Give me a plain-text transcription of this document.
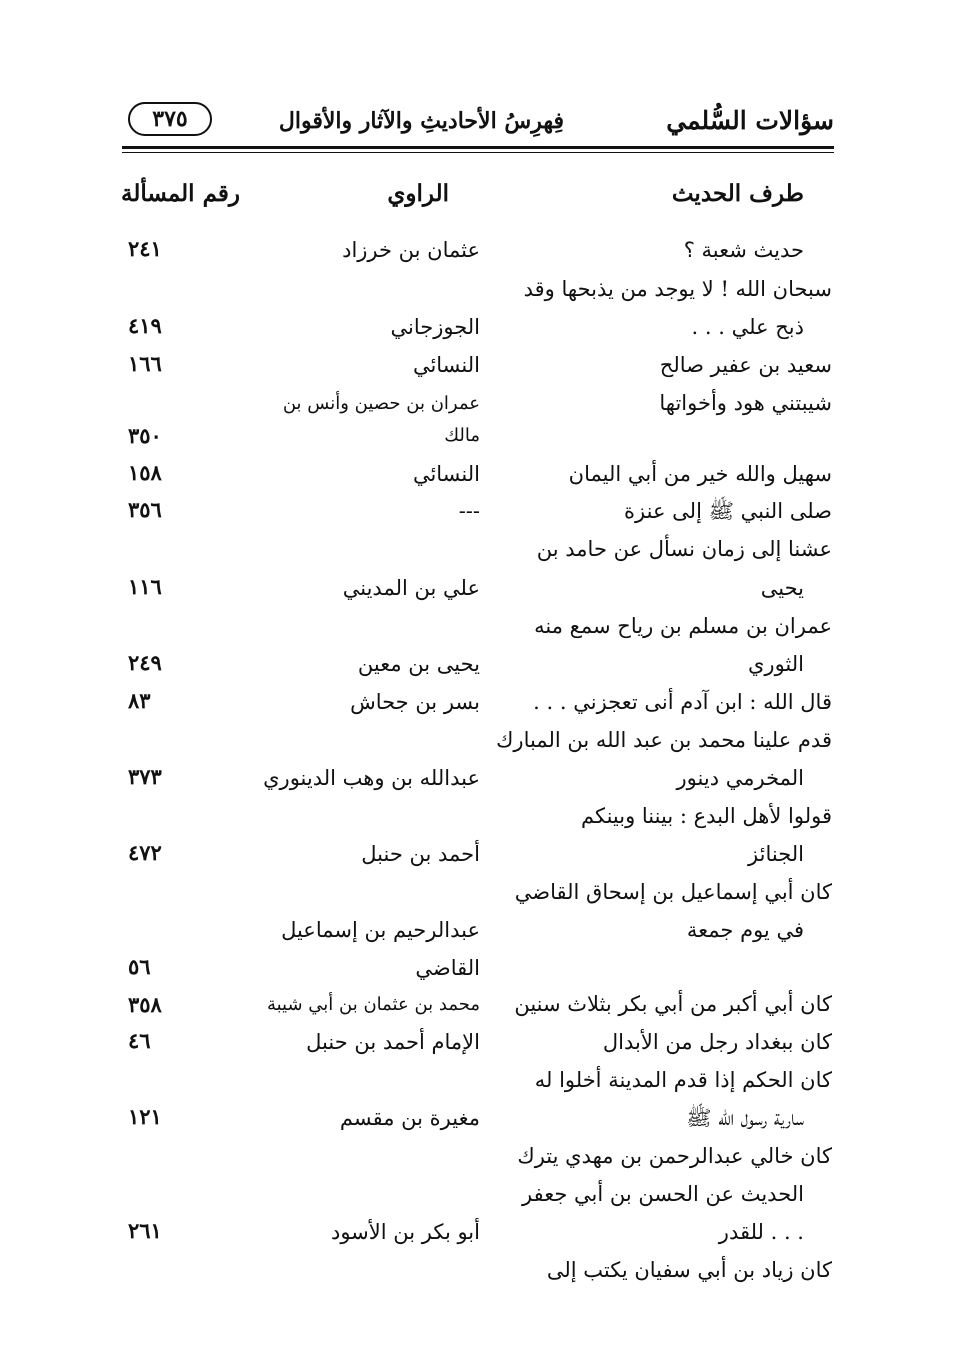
سؤالات السُّلمي
فِهرِسُ الأحاديثِ والآثار والأقوال
٣٧٥
طرف الحديث
الراوي
رقم المسألة
حديث شعبة ؟
سبحان الله ! لا يوجد من يذبحها وقد
ذبح علي . . .
سعيد بن عفير صالح
شيبتني هود وأخواتها
سهيل والله خير من أبي اليمان
صلى النبي ﷺ إلى عنزة
عشنا إلى زمان نسأل عن حامد بن
يحيى
عمران بن مسلم بن رياح سمع منه
الثوري
قال الله : ابن آدم أنى تعجزني . . .
قدم علينا محمد بن عبد الله بن المبارك
المخرمي دينور
قولوا لأهل البدع : بيننا وبينكم
الجنائز
كان أبي إسماعيل بن إسحاق القاضي
في يوم جمعة
كان أبي أكبر من أبي بكر بثلاث سنين
كان ببغداد رجل من الأبدال
كان الحكم إذا قدم المدينة أخلوا له
سارية رسول الله ﷺ
كان خالي عبدالرحمن بن مهدي يترك
الحديث عن الحسن بن أبي جعفر
. . . للقدر
كان زياد بن أبي سفيان يكتب إلى
عثمان بن خرزاد
الجوزجاني
النسائي
عمران بن حصين وأنس بن
مالك
النسائي
---
علي بن المديني
يحيى بن معين
بسر بن جحاش
عبدالله بن وهب الدينوري
أحمد بن حنبل
عبدالرحيم بن إسماعيل
القاضي
محمد بن عثمان بن أبي شيبة
الإمام أحمد بن حنبل
مغيرة بن مقسم
أبو بكر بن الأسود
٢٤١
٤١٩
١٦٦
٣٥٠
١٥٨
٣٥٦
١١٦
٢٤٩
٨٣
٣٧٣
٤٧٢
٥٦
٣٥٨
٤٦
١٢١
٢٦١
